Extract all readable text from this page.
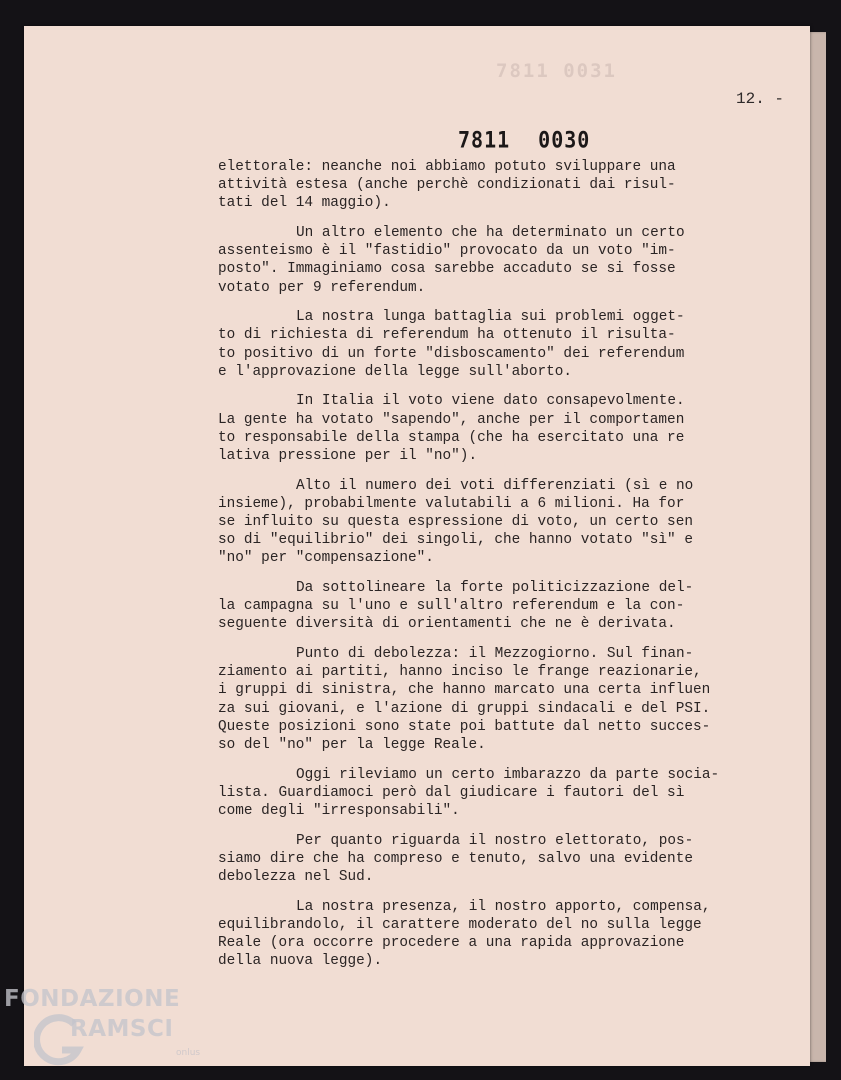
7811 0031
12. -
7811 0030

elettorale: neanche noi abbiamo potuto sviluppare una
attività estesa (anche perchè condizionati dai risul-
tati del 14 maggio).

Un altro elemento che ha determinato un certo
assenteismo è il "fastidio" provocato da un voto "im-
posto". Immaginiamo cosa sarebbe accaduto se si fosse
votato per 9 referendum.

La nostra lunga battaglia sui problemi ogget-
to di richiesta di referendum ha ottenuto il risulta-
to positivo di un forte "disboscamento" dei referendum
e l'approvazione della legge sull'aborto.

In Italia il voto viene dato consapevolmente.
La gente ha votato "sapendo", anche per il comportamen
to responsabile della stampa (che ha esercitato una re
lativa pressione per il "no").

Alto il numero dei voti differenziati (sì e no
insieme), probabilmente valutabili a 6 milioni. Ha for
se influito su questa espressione di voto, un certo sen
so di "equilibrio" dei singoli, che hanno votato "sì" e
"no" per "compensazione".

Da sottolineare la forte politicizzazione del-
la campagna su l'uno e sull'altro referendum e la con-
seguente diversità di orientamenti che ne è derivata.

Punto di debolezza: il Mezzogiorno. Sul finan-
ziamento ai partiti, hanno inciso le frange reazionarie,
i gruppi di sinistra, che hanno marcato una certa influen
za sui giovani, e l'azione di gruppi sindacali e del PSI.
Queste posizioni sono state poi battute dal netto succes-
so del "no" per la legge Reale.

Oggi rileviamo un certo imbarazzo da parte socia-
lista. Guardiamoci però dal giudicare i fautori del sì
come degli "irresponsabili".

Per quanto riguarda il nostro elettorato, pos-
siamo dire che ha compreso e tenuto, salvo una evidente
debolezza nel Sud.

La nostra presenza, il nostro apporto, compensa,
equilibrandolo, il carattere moderato del no sulla legge
Reale (ora occorre procedere a una rapida approvazione
della nuova legge).

FONDAZIONE
RAMSCI
onlus
